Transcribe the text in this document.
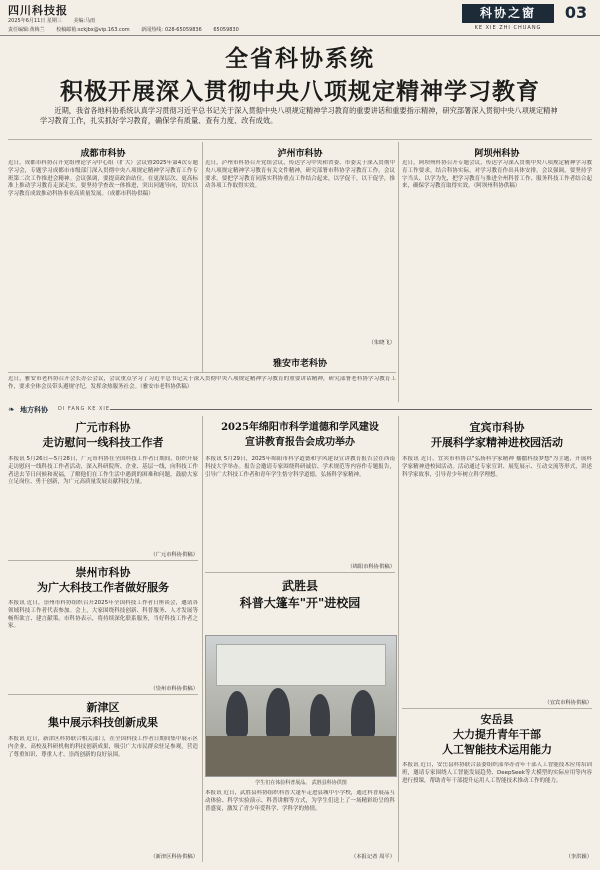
四川科技报
2025年6月11日 星期三 美编:马雨
责任编辑:黄梅兰 校稿邮箱:sckjbx@vip.163.com 新闻热线: 028-65059836 65059830
科协之窗
KE XIE ZHI CHUANG
03
全省科协系统
积极开展深入贯彻中央八项规定精神学习教育
近期，我省各地科协系统认真学习贯彻习近平总书记关于深入贯彻中央八项规定精神学习教育的重要讲话和重要指示精神，研究部署深入贯彻中央八项规定精神学习教育工作，扎实抓好学习教育，确保学有质量、查有力度、改有成效。
成都市科协
近日，成都市科协召开党组理论学习中心组（扩大）会议暨2025年第4次专题学习会，专题学习成都市市级部门深入贯彻中央八项规定精神学习教育工作专班第二次工作推进会精神。会议强调，要提高政治站位，在更深层次、更高标准上推动学习教育走深走实，要坚持学查改一体推进，突出问题导向，切实以学习教育成效推动科协事业高质量发展。（成都市科协供稿）
泸州市科协
近日，泸州市科协召开党组会议，传达学习中央和省委、市委关于深入贯彻中央八项规定精神学习教育有关文件精神，研究部署市科协学习教育工作。会议要求，要把学习教育同落实科协重点工作结合起来，以学促干，以干促学，推动各项工作取得实效。
（朱晓飞）
阿坝州科协
近日，阿坝州科协召开专题会议，传达学习深入贯彻中央八项规定精神学习教育工作要求，结合科协实际，对学习教育作出具体安排。会议强调，要坚持学字当头、以学为先，把学习教育与推进全州科普工作、服务科技工作者结合起来，确保学习教育取得实效。（阿坝州科协供稿）
雅安市老科协
近日，雅安市老科协召开会长办公会议，会议重点学习了习近平总书记关于深入贯彻中央八项规定精神学习教育的重要讲话精神，研究部署老科协学习教育工作，要求全体会员带头遵规守纪，发挥余热服务社会。（雅安市老科协供稿）
❧ 地方科协 DI FANG KE XIE
广元市科协
走访慰问一线科技工作者
本报讯 5月26日—5月28日，广元市科协在全国科技工作者日期间，组织开展走访慰问一线科技工作者活动，深入科研院所、企业、基层一线，向科技工作者送去节日问候和祝福，了解他们在工作生活中遇到的困难和问题，鼓励大家立足岗位、勇于创新，为广元高质量发展贡献科技力量。
（广元市科协供稿）
崇州市科协
为广大科技工作者做好服务
本报讯 近日，崇州市科协组织召开2025年全国科技工作者日座谈会，邀请各领域科技工作者代表参加。会上，大家围绕科技创新、科普服务、人才发展等畅所欲言、建言献策。市科协表示，将持续深化联系服务，当好科技工作者之家。
（崇州市科协供稿）
新津区
集中展示科技创新成果
本报讯 近日，新津区科协联合相关部门，在全国科技工作者日期间集中展示区内企业、高校及科研机构的科技创新成果，吸引广大市民群众驻足参观，营造了尊重知识、尊重人才、崇尚创新的良好氛围。
（新津区科协供稿）
2025年绵阳市科学道德和学风建设
宣讲教育报告会成功举办
本报讯 5月29日，2025年绵阳市科学道德和学风建设宣讲教育报告会在西南科技大学举办。报告会邀请专家围绕科研诚信、学术规范等内容作专题报告，引导广大科技工作者和青年学生恪守科学道德，弘扬科学家精神。
（绵阳市科协供稿）
武胜县
科普大篷车"开"进校园
学生们在体验科普展品。 武胜县科协供图
本报讯 近日，武胜县科协组织科普大篷车走进县城中小学校，通过科普展品互动体验、科学实验演示、科普讲解等方式，为学生们送上了一场精彩纷呈的科普盛宴，激发了青少年爱科学、学科学的热情。
（本报记者 周平）
宜宾市科协
开展科学家精神进校园活动
本报讯 近日，宜宾市科协以"弘扬科学家精神 播撒科技梦想"为主题，开展科学家精神进校园活动。活动通过专家宣讲、展览展示、互动交流等形式，讲述科学家故事，引导青少年树立科学理想。
（宜宾市科协供稿）
安岳县
大力提升青年干部
人工智能技术运用能力
本报讯 近日，安岳县科协联合县委组织部举办青年干部人工智能技术应用培训班，邀请专家围绕人工智能发展趋势、DeepSeek等大模型的实际应用等内容进行授课，帮助青年干部提升运用人工智能技术推动工作的能力。
（李洪颖）
